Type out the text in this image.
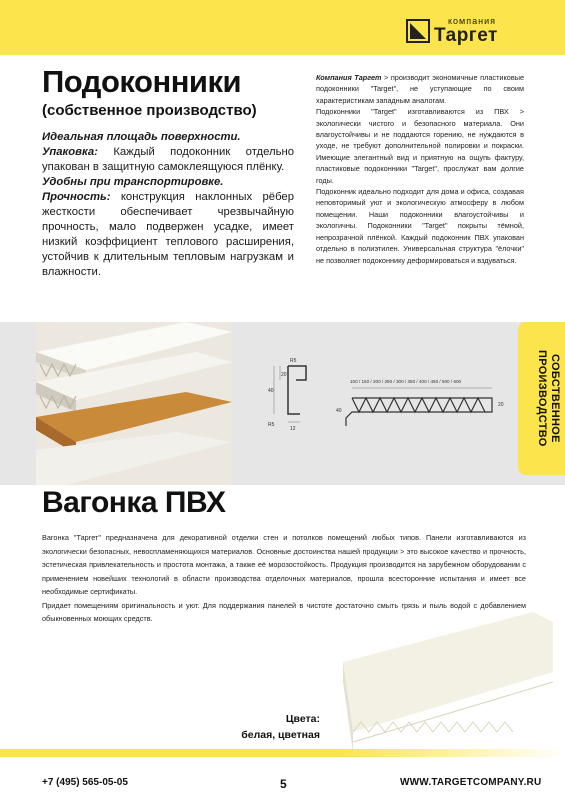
компания
Таргет
Подоконники
(собственное производство)

Идеальная площадь поверхности.

Упаковка: Каждый подоконник отдельно упакован в защитную самоклеящуюся плёнку.

Удобны при транспортировке.

Прочность: конструкция наклонных рёбер жесткости обеспечивает чрезвычайную прочность, мало подвержен усадке, имеет низкий коэффициент теплового расширения, устойчив к длительным тепловым нагрузкам и влажности.

Компания Таргет > производит экономичные пластиковые подоконники "Target", не уступающие по своим характеристикам западным аналогам.

Подоконники "Target" изготавливаются из ПВХ > экологически чистого и безопасного материала. Они влагоустойчивы и не поддаются горению, не нуждаются в уходе, не требуют дополнительной полировки и покраски. Имеющие элегантный вид и приятную на ощупь фактуру, пластиковые подоконники "Target", прослужат вам долгие годы.

Подоконник идеально подходит для дома и офиса, создавая неповторимый уют и экологическую атмосферу в любом помещении. Наши подоконники влагоустойчивы и экологичны. Подоконники "Target" покрыты тёмной, непрозрачной плёнкой. Каждый подоконник ПВХ упакован отдельно в полиэтилен. Универсальная структура "ёлочки" не позволяет подоконнику деформироваться и вздуваться.

R5
20
40
R5
12
100 / 150 / 200 / 250 / 300 / 350 / 400 / 450 / 500 / 600
40
20	СОБСТВЕННОЕ ПРОИЗВОДСТВО
Вагонка ПВХ

Вагонка "Таргет" предназначена для декоративной отделки стен и потолков помещений любых типов. Панели изготавливаются из экологически безопасных, невоспламеняющихся материалов. Основные достоинства нашей продукции > это высокое качество и прочность, эстетическая привлекательность и простота монтажа, а также её морозостойкость. Продукция производится на зарубежном оборудовании с применением новейших технологий в области производства отделочных материалов, прошла всесторонние испытания и имеет все необходимые сертификаты.

Придает помещениям оригинальность и уют. Для поддержания панелей в чистоте достаточно смыть грязь и пыль водой с добавлением обыкновенных моющих средств.

Цвета:
белая, цветная
+7 (495) 565-05-05	5	WWW.TARGETCOMPANY.RU
